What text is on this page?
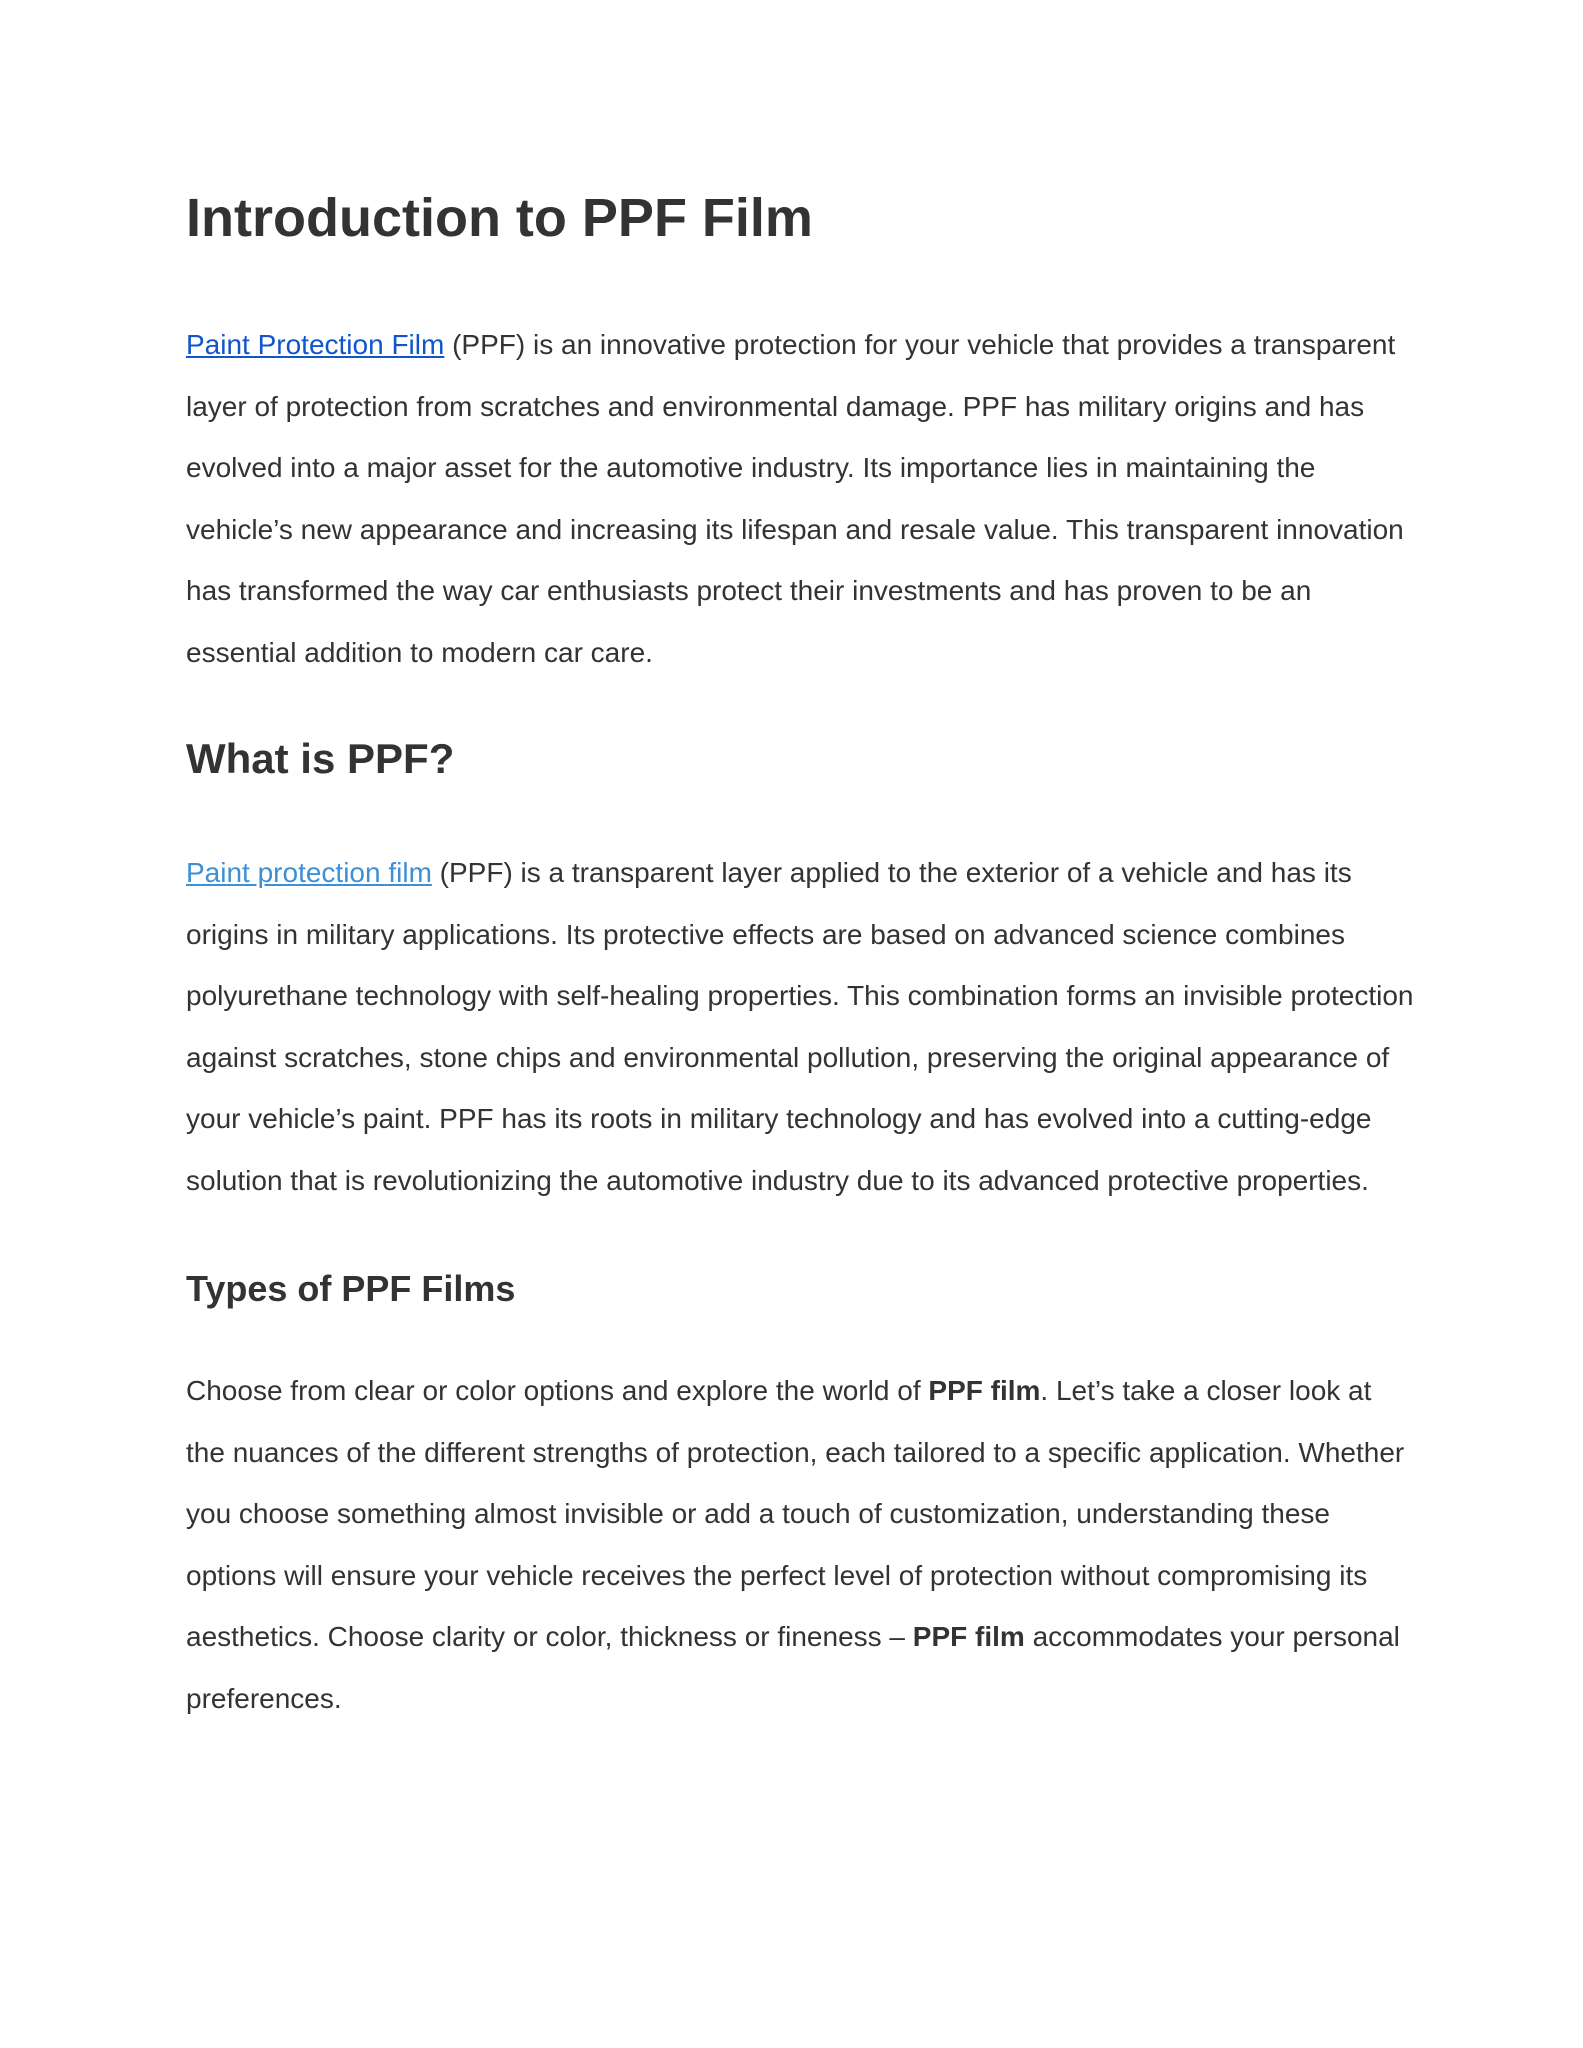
Introduction to PPF Film

Paint Protection Film (PPF) is an innovative protection for your vehicle that provides a transparent layer of protection from scratches and environmental damage. PPF has military origins and has evolved into a major asset for the automotive industry. Its importance lies in maintaining the vehicle’s new appearance and increasing its lifespan and resale value. This transparent innovation has transformed the way car enthusiasts protect their investments and has proven to be an essential addition to modern car care.

What is PPF?

Paint protection film (PPF) is a transparent layer applied to the exterior of a vehicle and has its origins in military applications. Its protective effects are based on advanced science combines polyurethane technology with self-healing properties. This combination forms an invisible protection against scratches, stone chips and environmental pollution, preserving the original appearance of your vehicle’s paint. PPF has its roots in military technology and has evolved into a cutting-edge solution that is revolutionizing the automotive industry due to its advanced protective properties.

Types of PPF Films

Choose from clear or color options and explore the world of PPF film. Let’s take a closer look at the nuances of the different strengths of protection, each tailored to a specific application. Whether you choose something almost invisible or add a touch of customization, understanding these options will ensure your vehicle receives the perfect level of protection without compromising its aesthetics. Choose clarity or color, thickness or fineness – PPF film accommodates your personal preferences.
